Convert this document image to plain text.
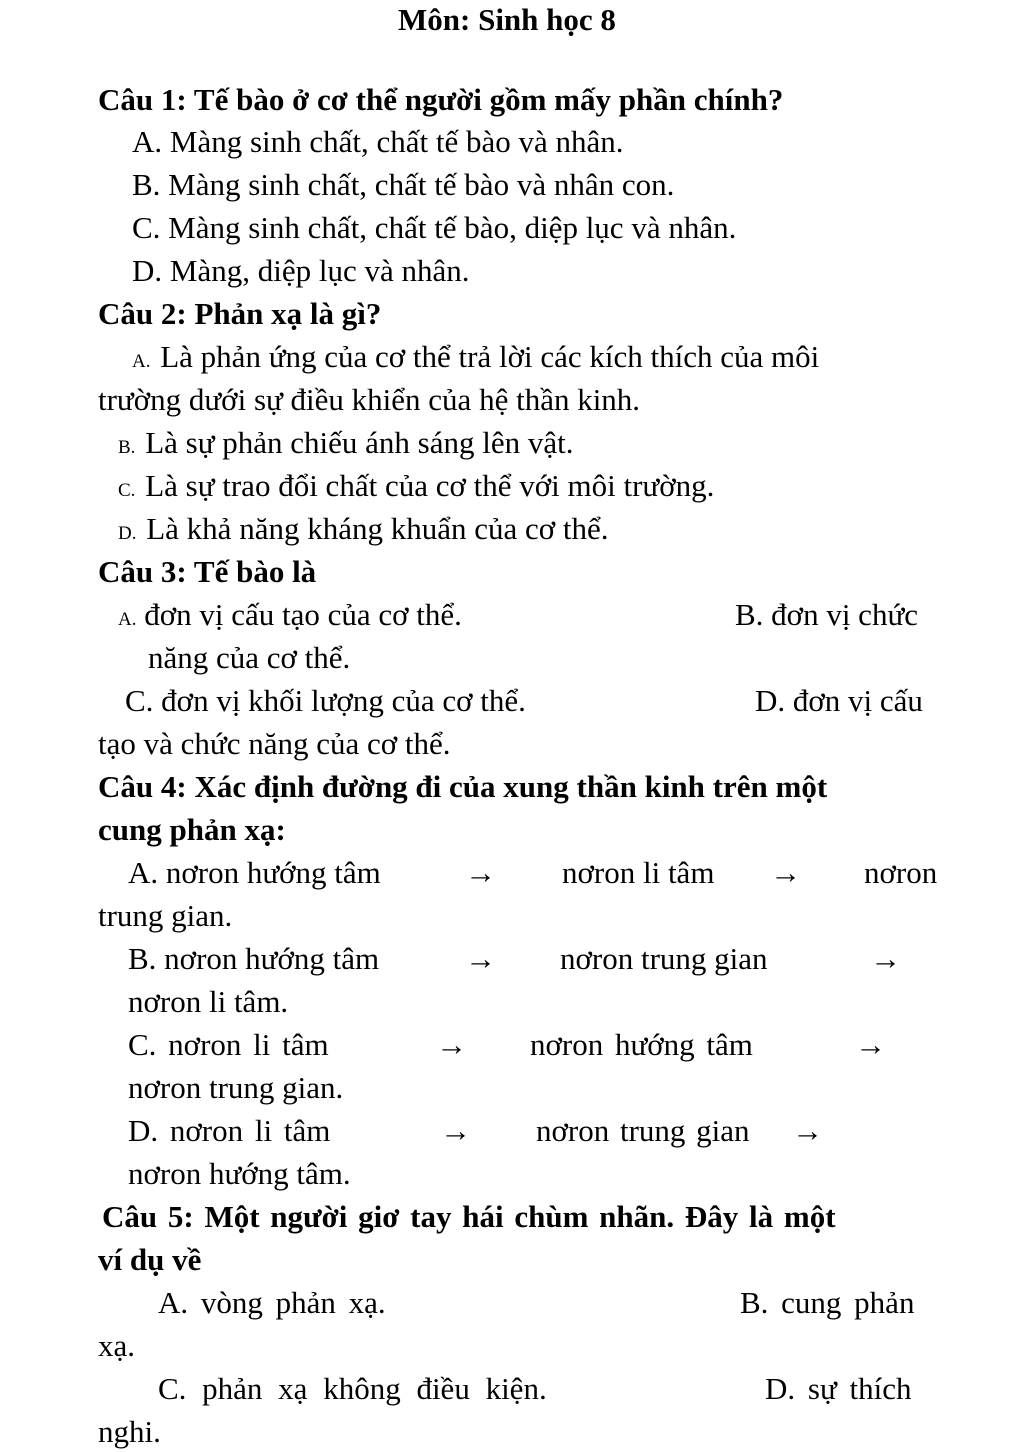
Môn: Sinh học 8
Câu 1: Tế bào ở cơ thể người gồm mấy phần chính?
A. Màng sinh chất, chất tế bào và nhân.
B. Màng sinh chất, chất tế bào và nhân con.
C. Màng sinh chất, chất tế bào, diệp lục và nhân.
D. Màng, diệp lục và nhân.
Câu 2: Phản xạ là gì?
A. Là phản ứng của cơ thể trả lời các kích thích của môi
trường dưới sự điều khiển của hệ thần kinh.
B. Là sự phản chiếu ánh sáng lên vật.
C. Là sự trao đổi chất của cơ thể với môi trường.
D. Là khả năng kháng khuẩn của cơ thể.
Câu 3: Tế bào là
A. đơn vị cấu tạo của cơ thể.	B. đơn vị chức
năng của cơ thể.
C. đơn vị khối lượng của cơ thể.	D. đơn vị cấu
tạo và chức năng của cơ thể.
Câu 4: Xác định đường đi của xung thần kinh trên một
cung phản xạ:
A. nơron hướng tâm	→ nơron li tâm → nơron
trung gian.
B. nơron hướng tâm	→ nơron trung gian	→
nơron li tâm.
C. nơron li tâm	→ nơron hướng tâm	→
nơron trung gian.
D. nơron li tâm	→ nơron trung gian →
nơron hướng tâm.
Câu 5: Một người giơ tay hái chùm nhãn. Đây là một
ví dụ về
A. vòng phản xạ.	B. cung phản
xạ.
C. phản xạ không điều kiện.	D. sự thích
nghi.
